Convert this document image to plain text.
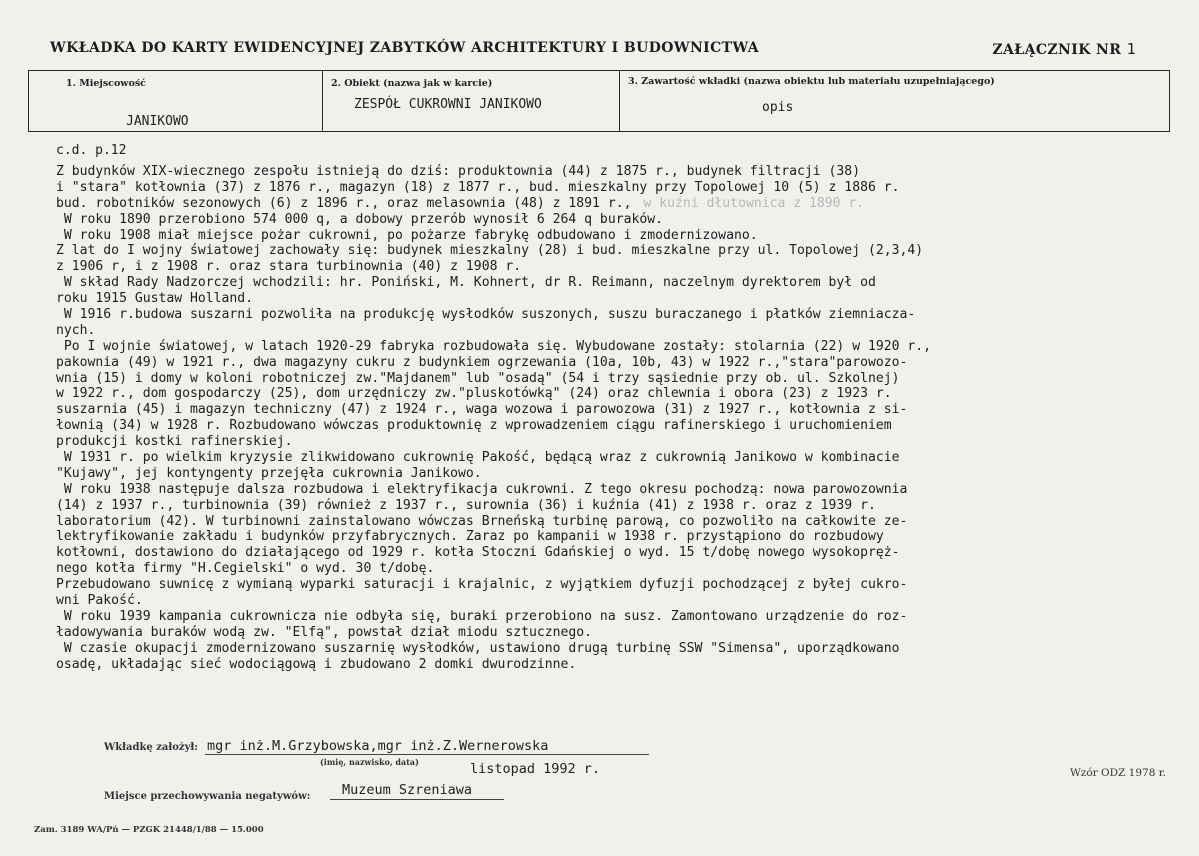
WKŁADKA DO KARTY EWIDENCYJNEJ ZABYTKÓW ARCHITEKTURY I BUDOWNICTWA	ZAŁĄCZNIK NR 1
1. Miejscowość
JANIKOWO
2. Obiekt (nazwa jak w karcie)
ZESPÓŁ CUKROWNI JANIKOWO
3. Zawartość wkładki (nazwa obiektu lub materiału uzupełniającego)
opis
c.d. p.12
Z budynków XIX-wiecznego zespołu istnieją do dziś: produktownia (44) z 1875 r., budynek filtracji (38)
i "stara" kotłownia (37) z 1876 r., magazyn (18) z 1877 r., bud. mieszkalny przy Topolowej 10 (5) z 1886 r.
bud. robotników sezonowych (6) z 1896 r., oraz melasownia (48) z 1891 r., w kuźni dłutownica z 1890 r.
W roku 1890 przerobiono 574 000 q, a dobowy przerób wynosił 6 264 q buraków.
W roku 1908 miał miejsce pożar cukrowni, po pożarze fabrykę odbudowano i zmodernizowano.
Z lat do I wojny światowej zachowały się: budynek mieszkalny (28) i bud. mieszkalne przy ul. Topolowej (2,3,4)
z 1906 r, i z 1908 r. oraz stara turbinownia (40) z 1908 r.
W skład Rady Nadzorczej wchodzili: hr. Poniński, M. Kohnert, dr R. Reimann, naczelnym dyrektorem był od
roku 1915 Gustaw Holland.
W 1916 r.budowa suszarni pozwoliła na produkcję wysłodków suszonych, suszu buraczanego i płatków ziemniacza-
nych.
Po I wojnie światowej, w latach 1920-29 fabryka rozbudowała się. Wybudowane zostały: stolarnia (22) w 1920 r.,
pakownia (49) w 1921 r., dwa magazyny cukru z budynkiem ogrzewania (10a, 10b, 43) w 1922 r.,"stara"parowozo-
wnia (15) i domy w koloni robotniczej zw."Majdanem" lub "osadą" (54 i trzy sąsiednie przy ob. ul. Szkolnej)
w 1922 r., dom gospodarczy (25), dom urzędniczy zw."pluskotówką" (24) oraz chlewnia i obora (23) z 1923 r.
suszarnia (45) i magazyn techniczny (47) z 1924 r., waga wozowa i parowozowa (31) z 1927 r., kotłownia z si-
łownią (34) w 1928 r. Rozbudowano wówczas produktownię z wprowadzeniem ciągu rafinerskiego i uruchomieniem
produkcji kostki rafinerskiej.
W 1931 r. po wielkim kryzysie zlikwidowano cukrownię Pakość, będącą wraz z cukrownią Janikowo w kombinacie
"Kujawy", jej kontyngenty przejęła cukrownia Janikowo.
W roku 1938 następuje dalsza rozbudowa i elektryfikacja cukrowni. Z tego okresu pochodzą: nowa parowozownia
(14) z 1937 r., turbinownia (39) również z 1937 r., surownia (36) i kuźnia (41) z 1938 r. oraz z 1939 r.
laboratorium (42). W turbinowni zainstalowano wówczas Brneńską turbinę parową, co pozwoliło na całkowite ze-
lektryfikowanie zakładu i budynków przyfabrycznych. Zaraz po kampanii w 1938 r. przystąpiono do rozbudowy
kotłowni, dostawiono do działającego od 1929 r. kotła Stoczni Gdańskiej o wyd. 15 t/dobę nowego wysokopręż-
nego kotła firmy "H.Cegielski" o wyd. 30 t/dobę.
Przebudowano suwnicę z wymianą wyparki saturacji i krajalnic, z wyjątkiem dyfuzji pochodzącej z byłej cukro-
wni Pakość.
W roku 1939 kampania cukrownicza nie odbyła się, buraki przerobiono na susz. Zamontowano urządzenie do roz-
ładowywania buraków wodą zw. "Elfą", powstał dział miodu sztucznego.
W czasie okupacji zmodernizowano suszarnię wysłodków, ustawiono drugą turbinę SSW "Simensa", uporządkowano
osadę, układając sieć wodociągową i zbudowano 2 domki dwurodzinne.
Wkładkę założył: mgr inż.M.Grzybowska,mgr inż.Z.Wernerowska
(imię, nazwisko, data)	listopad 1992 r.	Wzór ODZ 1978 r.
Miejsce przechowywania negatywów: Muzeum Szreniawa
Zam. 3189 WA/Pń — PZGK 21448/1/88 — 15.000
